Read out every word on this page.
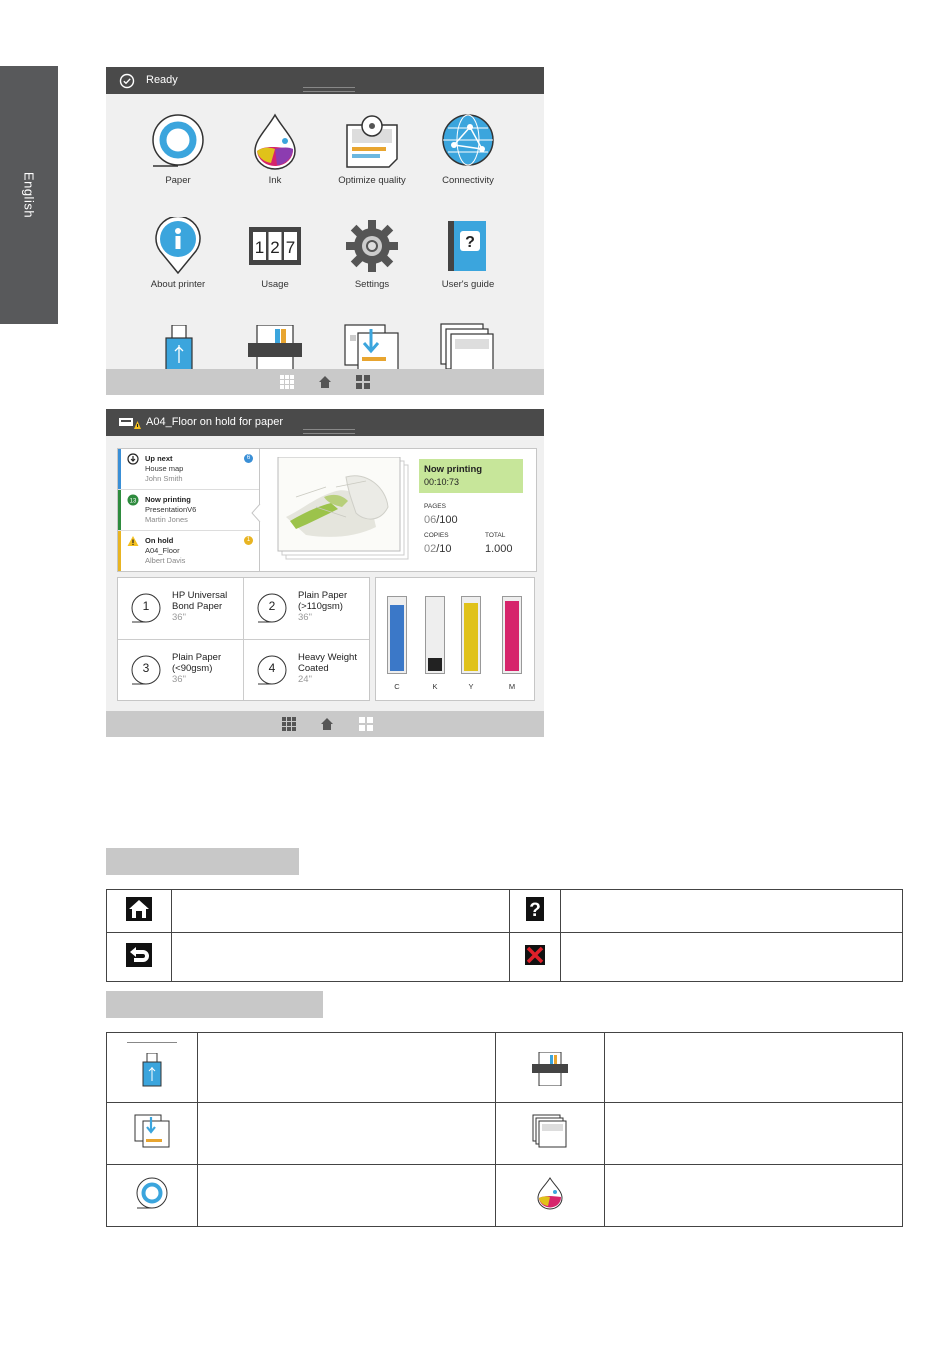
English
Ready
Paper	Ink	Optimize quality	Connectivity
About printer
1 2 7
Usage	Settings
?
User's guide
A04_Floor on hold for paper
Up next
House map
John Smith
6
13 Now printing
PresentationV6
Martin Jones
On hold
A04_Floor
Albert Davis
1
Now printing
00:10:73
PAGES
06/100
COPIES
02/10
TOTAL
1.000
1
HP Universal
Bond Paper
36"
2
Plain Paper
(>110gsm)
36"
3
Plain Paper
(<90gsm)
36"
4
Heavy Weight
Coated
24"
C	K	Y	M

?	
